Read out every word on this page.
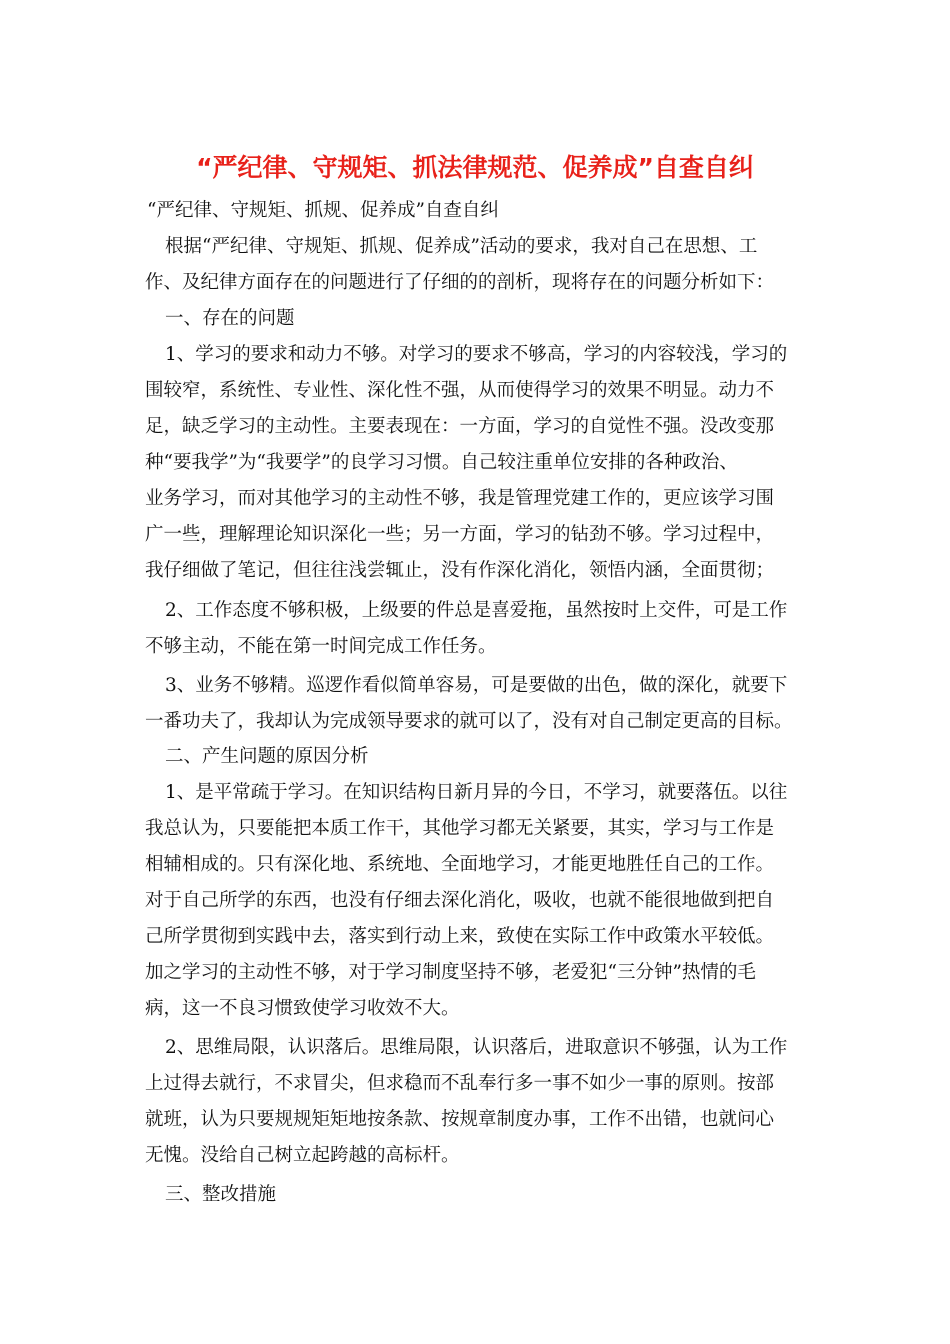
“严纪律、守规矩、抓法律规范、促养成”自查自纠
“严纪律、守规矩、抓规、促养成”自查自纠
根据“严纪律、守规矩、抓规、促养成”活动的要求，我对自己在思想、工
作、及纪律方面存在的问题进行了仔细的的剖析，现将存在的问题分析如下：
一、存在的问题
1、学习的要求和动力不够。对学习的要求不够高，学习的内容较浅，学习的
围较窄，系统性、专业性、深化性不强，从而使得学习的效果不明显。动力不
足，缺乏学习的主动性。主要表现在：一方面，学习的自觉性不强。没改变那
种“要我学”为“我要学”的良学习习惯。自己较注重单位安排的各种政治、
业务学习，而对其他学习的主动性不够，我是管理党建工作的，更应该学习围
广一些，理解理论知识深化一些；另一方面，学习的钻劲不够。学习过程中，
我仔细做了笔记，但往往浅尝辄止，没有作深化消化，领悟内涵，全面贯彻；
2、工作态度不够积极，上级要的件总是喜爱拖，虽然按时上交件，可是工作
不够主动，不能在第一时间完成工作任务。
3、业务不够精。巡逻作看似简单容易，可是要做的出色，做的深化，就要下
一番功夫了，我却认为完成领导要求的就可以了，没有对自己制定更高的目标。
二、产生问题的原因分析
1、是平常疏于学习。在知识结构日新月异的今日，不学习，就要落伍。以往
我总认为，只要能把本质工作干，其他学习都无关紧要，其实，学习与工作是
相辅相成的。只有深化地、系统地、全面地学习，才能更地胜任自己的工作。
对于自己所学的东西，也没有仔细去深化消化，吸收，也就不能很地做到把自
己所学贯彻到实践中去，落实到行动上来，致使在实际工作中政策水平较低。
加之学习的主动性不够，对于学习制度坚持不够，老爱犯“三分钟”热情的毛
病，这一不良习惯致使学习收效不大。
2、思维局限，认识落后。思维局限，认识落后，进取意识不够强，认为工作
上过得去就行，不求冒尖，但求稳而不乱奉行多一事不如少一事的原则。按部
就班，认为只要规规矩矩地按条款、按规章制度办事，工作不出错，也就问心
无愧。没给自己树立起跨越的高标杆。
三、整改措施
